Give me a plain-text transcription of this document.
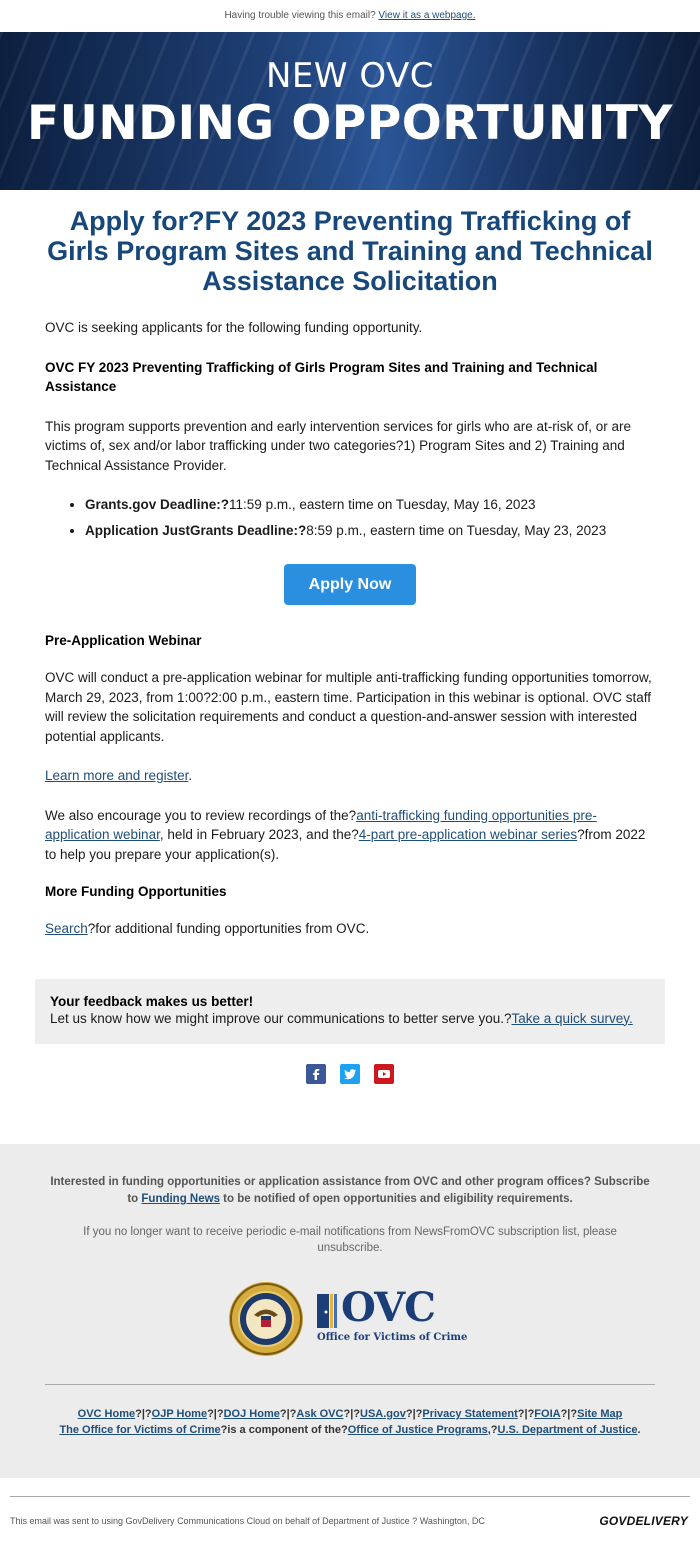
Having trouble viewing this email? View it as a webpage.
NEW OVC
FUNDING OPPORTUNITY
Apply for?FY 2023 Preventing Trafficking of Girls Program Sites and Training and Technical Assistance Solicitation

OVC is seeking applicants for the following funding opportunity.

OVC FY 2023 Preventing Trafficking of Girls Program Sites and Training and Technical Assistance

This program supports prevention and early intervention services for girls who are at-risk of, or are victims of, sex and/or labor trafficking under two categories?1) Program Sites and 2) Training and Technical Assistance Provider.

• Grants.gov Deadline:?11:59 p.m., eastern time on Tuesday, May 16, 2023
• Application JustGrants Deadline:?8:59 p.m., eastern time on Tuesday, May 23, 2023
Apply Now
Pre-Application Webinar

OVC will conduct a pre-application webinar for multiple anti-trafficking funding opportunities tomorrow, March 29, 2023, from 1:00?2:00 p.m., eastern time. Participation in this webinar is optional. OVC staff will review the solicitation requirements and conduct a question-and-answer session with interested potential applicants.

Learn more and register.

We also encourage you to review recordings of the?anti-trafficking funding opportunities pre-application webinar, held in February 2023, and the?4-part pre-application webinar series?from 2022 to help you prepare your application(s).

More Funding Opportunities

Search?for additional funding opportunities from OVC.

Your feedback makes us better!
Let us know how we might improve our communications to better serve you.?Take a quick survey.

Interested in funding opportunities or application assistance from OVC and other program offices? Subscribe to Funding News to be notified of open opportunities and eligibility requirements.
If you no longer want to receive periodic e-mail notifications from NewsFromOVC subscription list, please unsubscribe.
OVC
Office for Victims of Crime
OVC Home?|?OJP Home?|?DOJ Home?|?Ask OVC?|?USA.gov?|?Privacy Statement?|?FOIA?|?Site Map
The Office for Victims of Crime?is a component of the?Office of Justice Programs,?U.S. Department of Justice.
This email was sent to using GovDelivery Communications Cloud on behalf of Department of Justice ? Washington, DC	GOVDELIVERY
